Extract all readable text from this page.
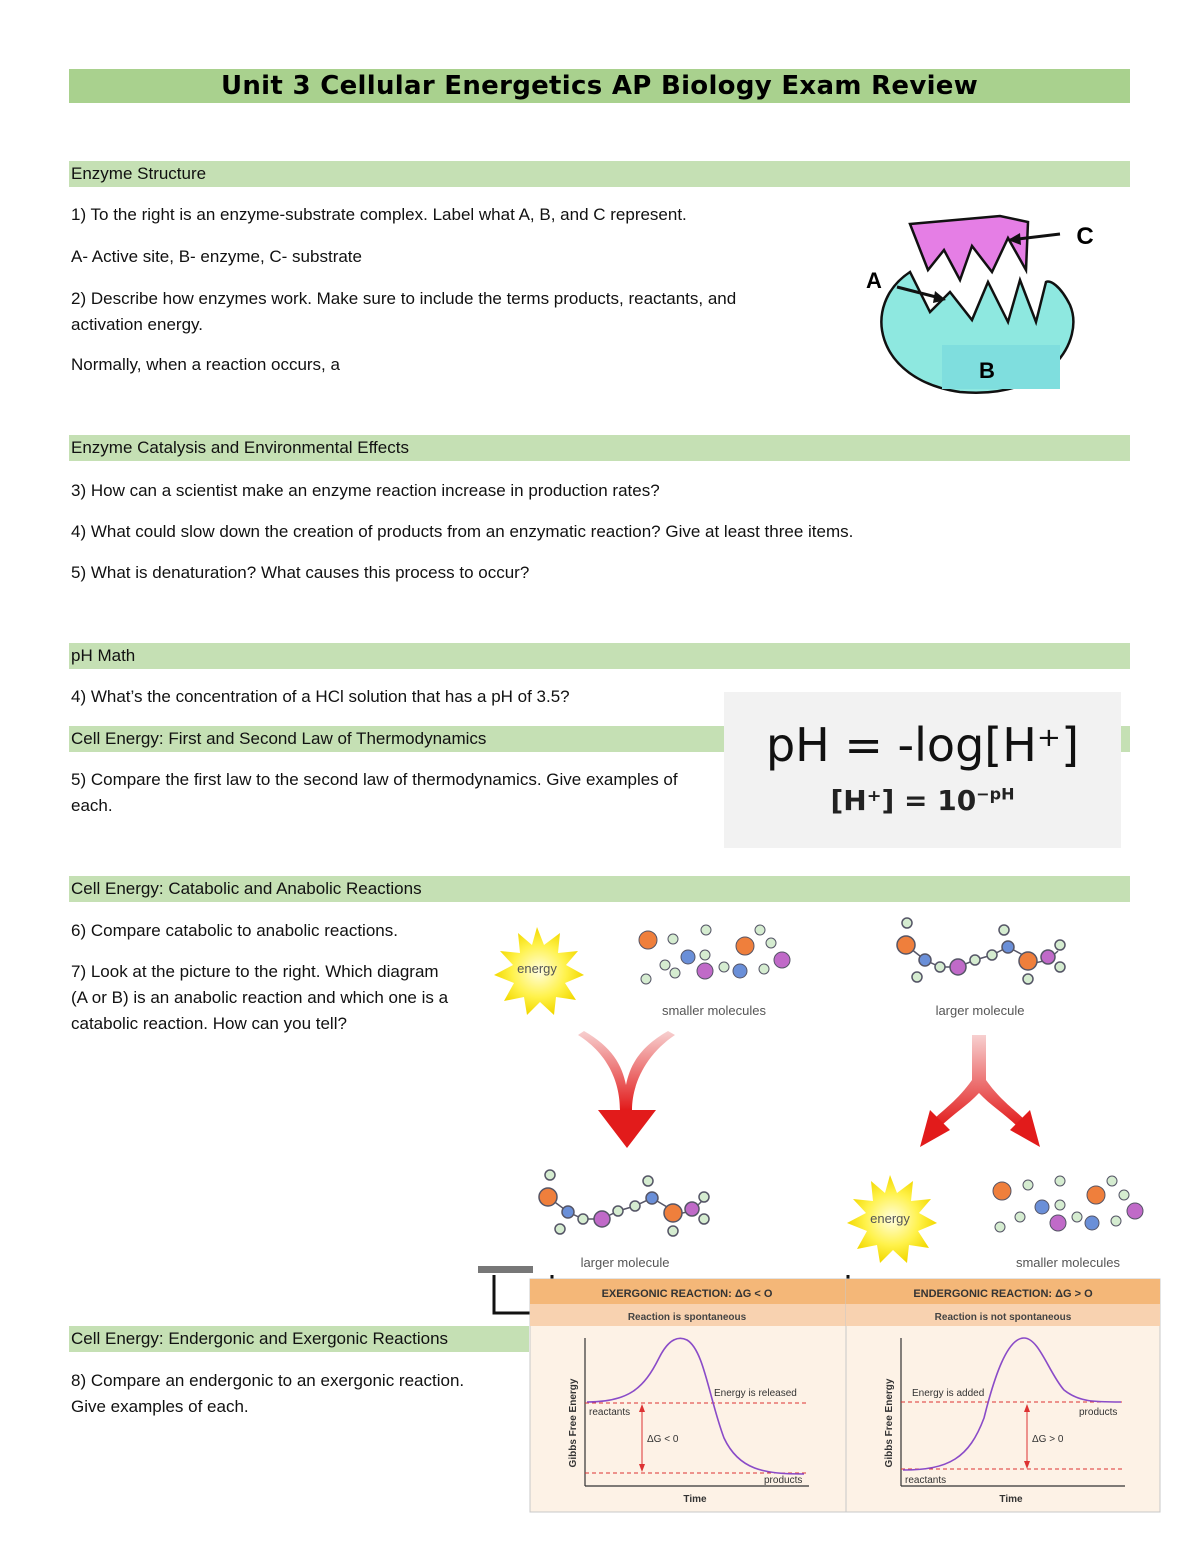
Unit 3 Cellular Energetics AP Biology Exam Review
Enzyme Structure
1) To the right is an enzyme-substrate complex. Label what A, B, and C represent.
A- Active site, B- enzyme, C- substrate
2) Describe how enzymes work. Make sure to include the terms products, reactants, and activation energy.
Normally, when a reaction occurs, a
C
A
B
Enzyme Catalysis and Environmental Effects
3) How can a scientist make an enzyme reaction increase in production rates?
4) What could slow down the creation of products from an enzymatic reaction? Give at least three items.
5) What is denaturation? What causes this process to occur?
pH Math
4) What’s the concentration of a HCl solution that has a pH of 3.5?
Cell Energy: First and Second Law of Thermodynamics
5) Compare the first law to the second law of thermodynamics. Give examples of each.
pH = -log[H⁺]
$[H^+] = 10^{-pH}$
Cell Energy: Catabolic and Anabolic Reactions
6) Compare catabolic to anabolic reactions.
7) Look at the picture to the right. Which diagram (A or B) is an anabolic reaction and which one is a catabolic reaction. How can you tell?
energy
smaller molecules	larger molecule
larger molecule
energy
smaller molecules
Cell Energy: Endergonic and Exergonic Reactions
8) Compare an endergonic to an exergonic reaction. Give examples of each.
EXERGONIC REACTION: ΔG < O
Reaction is spontaneous
Gibbs Free Energy
Time
reactants
products
Energy is released
ΔG < 0
ENDERGONIC REACTION: ΔG > O
Reaction is not spontaneous
Gibbs Free Energy
Time
reactants
products
Energy is added
ΔG > 0
